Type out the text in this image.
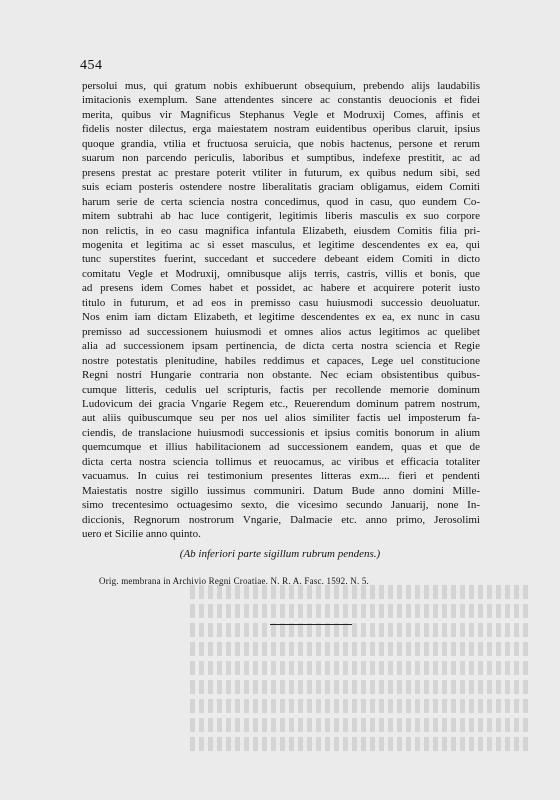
454
persolui mus, qui gratum nobis exhibuerunt obsequium, prebendo alijs laudabilis
imitacionis exemplum. Sane attendentes sincere ac constantis deuocionis et fidei
merita, quibus vir Magnificus Stephanus Vegle et Modruxij Comes, affinis et
fidelis noster dilectus, erga maiestatem nostram euidentibus operibus claruit, ipsius
quoque grandia, vtilia et fructuosa seruicia, que nobis hactenus, persone et rerum
suarum non parcendo periculis, laboribus et sumptibus, indefexe prestitit, ac ad
presens prestat ac prestare poterit vtiliter in futurum, ex quibus nedum sibi, sed
suis eciam posteris ostendere nostre liberalitatis graciam obligamus, eidem Comiti
harum serie de certa sciencia nostra concedimus, quod in casu, quo eundem Co-
mitem subtrahi ab hac luce contigerit, legitimis liberis masculis ex suo corpore
non relictis, in eo casu magnifica infantula Elizabeth, eiusdem Comitis filia pri-
mogenita et legitima ac si esset masculus, et legitime descendentes ex ea, qui
tunc superstites fuerint, succedant et succedere debeant eidem Comiti in dicto
comitatu Vegle et Modruxij, omnibusque alijs terris, castris, villis et bonis, que
ad presens idem Comes habet et possidet, ac habere et acquirere poterit iusto
titulo in futurum, et ad eos in premisso casu huiusmodi successio deuoluatur.
Nos enim iam dictam Elizabeth, et legitime descendentes ex ea, ex nunc in casu
premisso ad successionem huiusmodi et omnes alios actus legitimos ac quelibet
alia ad successionem ipsam pertinencia, de dicta certa nostra sciencia et Regie
nostre potestatis plenitudine, habiles reddimus et capaces, Lege uel constitucione
Regni nostri Hungarie contraria non obstante. Nec eciam obsistentibus quibus-
cumque litteris, cedulis uel scripturis, factis per recollende memorie dominum
Ludovicum dei gracia Vngarie Regem etc., Reuerendum dominum patrem nostrum,
aut aliis quibuscumque seu per nos uel alios similiter factis uel imposterum fa-
ciendis, de translacione huiusmodi successionis et ipsius comitis bonorum in alium
quemcumque et illius habilitacionem ad successionem eandem, quas et que de
dicta certa nostra sciencia tollimus et reuocamus, ac viribus et efficacia totaliter
vacuamus. In cuius rei testimonium presentes litteras exm.... fieri et pendenti
Maiestatis nostre sigillo iussimus communiri. Datum Bude anno domini Mille-
simo trecentesimo octuagesimo sexto, die vicesimo secundo Januarij, none In-
diccionis, Regnorum nostrorum Vngarie, Dalmacie etc. anno primo, Jerosolimi
uero et Sicilie anno quinto.
(Ab inferiori parte sigillum rubrum pendens.)
Orig. membrana in Archivio Regni Croatiae. N. R. A. Fasc. 1592. N. 5.
